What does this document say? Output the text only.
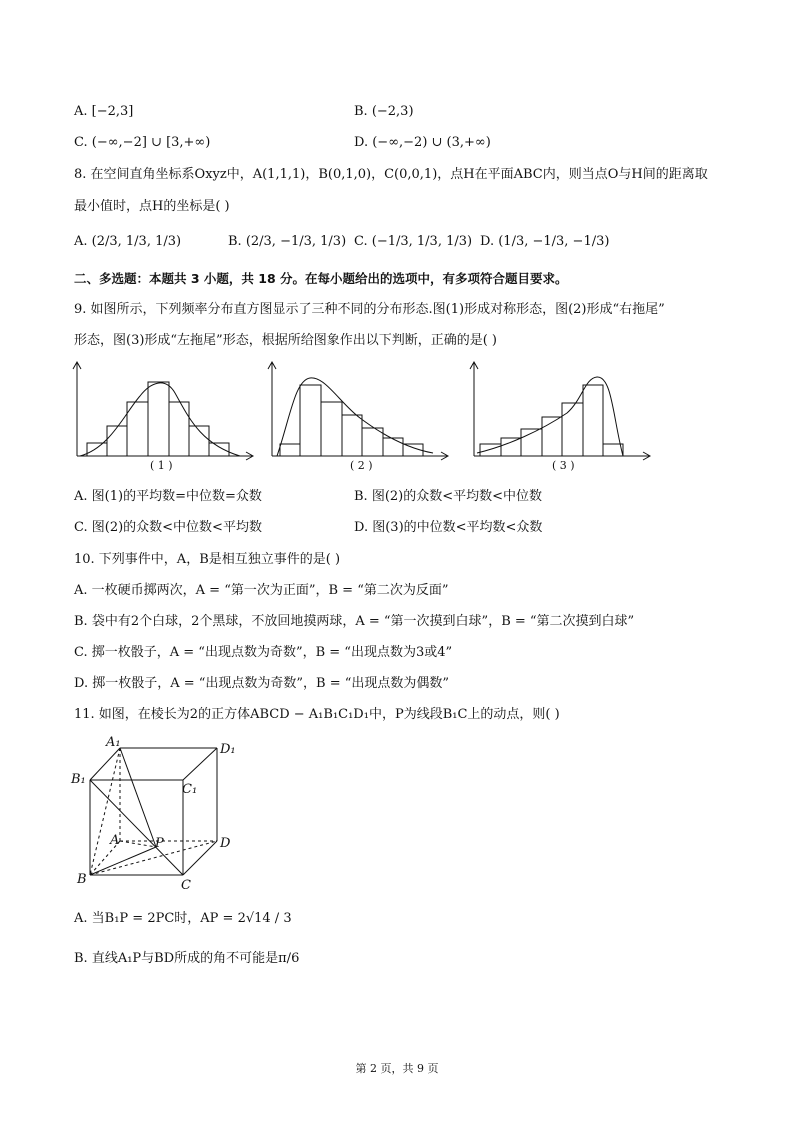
A. [−2,3]	B. (−2,3)
C. (−∞,−2] ∪ [3,+∞)	D. (−∞,−2) ∪ (3,+∞)
8. 在空间直角坐标系Oxyz中，A(1,1,1)，B(0,1,0)，C(0,0,1)，点H在平面ABC内，则当点O与H间的距离取
最小值时，点H的坐标是( )
A. (2/3, 1/3, 1/3)	B. (2/3, −1/3, 1/3) C. (−1/3, 1/3, 1/3) D. (1/3, −1/3, −1/3)
二、多选题：本题共 3 小题，共 18 分。在每小题给出的选项中，有多项符合题目要求。
9. 如图所示，下列频率分布直方图显示了三种不同的分布形态.图(1)形成对称形态，图(2)形成“右拖尾”
形态，图(3)形成“左拖尾”形态，根据所给图象作出以下判断，正确的是( )
( 1 )	( 2 )	( 3 )
A. 图(1)的平均数=中位数=众数	B. 图(2)的众数<平均数<中位数
C. 图(2)的众数<中位数<平均数	D. 图(3)的中位数<平均数<众数
10. 下列事件中，A，B是相互独立事件的是( )
A. 一枚硬币掷两次，A = “第一次为正面”，B = “第二次为反面”
B. 袋中有2个白球，2个黑球，不放回地摸两球，A = “第一次摸到白球”，B = “第二次摸到白球”
C. 掷一枚骰子，A = “出现点数为奇数”，B = “出现点数为3或4”
D. 掷一枚骰子，A = “出现点数为奇数”，B = “出现点数为偶数”
11. 如图，在棱长为2的正方体ABCD − A₁B₁C₁D₁中，P为线段B₁C上的动点，则( )
A₁	D₁
B₁
C₁
A	P	D
B	C
A. 当B₁P = 2PC时，AP = 2√14 / 3
B. 直线A₁P与BD所成的角不可能是π/6
第 2 页，共 9 页
